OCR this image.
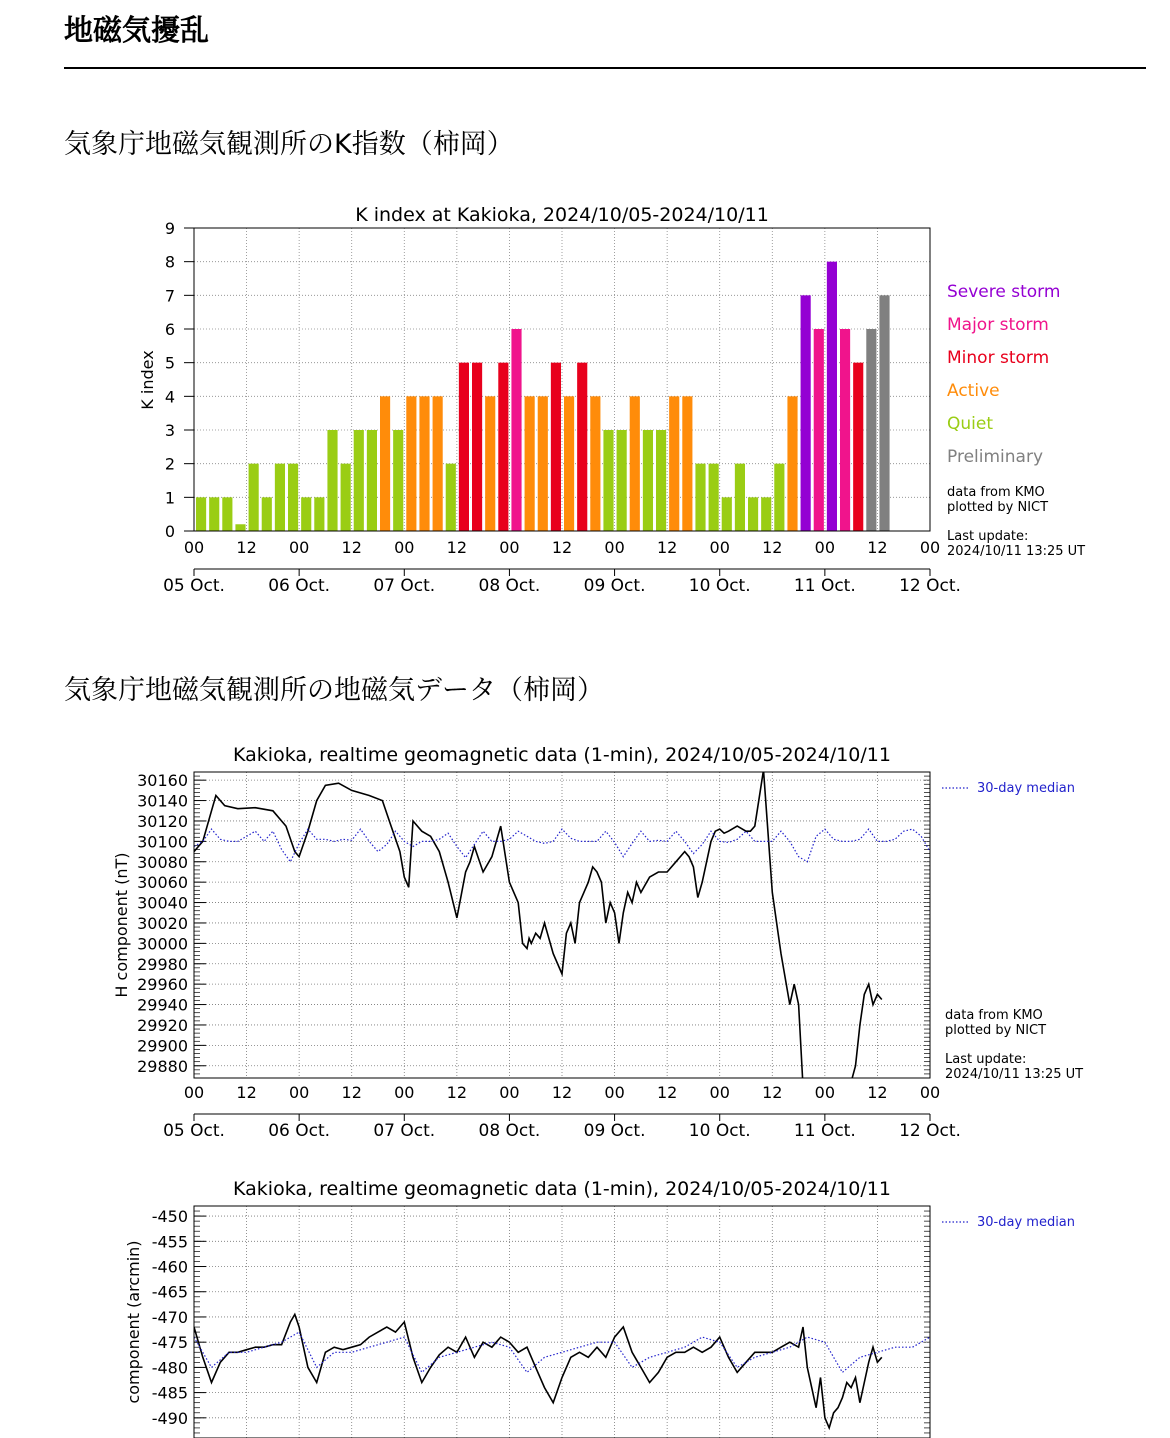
地磁気擾乱
気象庁地磁気観測所のK指数（柿岡）
K index at Kakioka, 2024/10/05-2024/10/11
K index
0
1
2
3
4
5
6
7
8
9
00 12 00 12 00 12 00 12 00 12 00 12 00 12 00
05 Oct.	06 Oct.	07 Oct.	08 Oct.	09 Oct.	10 Oct.	11 Oct.	12 Oct.
Severe storm
Major storm
Minor storm
Active
Quiet
Preliminary
data from KMO
plotted by NICT
Last update:
2024/10/11 13:25 UT
気象庁地磁気観測所の地磁気データ（柿岡）
Kakioka, realtime geomagnetic data (1-min), 2024/10/05-2024/10/11
H component (nT)
29880
29900
29920
29940
29960
29980
30000
30020
30040
30060
30080
30100
30120
30140
30160	30-day median
00 12 00 12 00 12 00 12 00 12 00 12 00 12 00
05 Oct.	06 Oct.	07 Oct.	08 Oct.	09 Oct.	10 Oct.	11 Oct.	12 Oct.
data from KMO
plotted by NICT
Last update:
2024/10/11 13:25 UT
Kakioka, realtime geomagnetic data (1-min), 2024/10/05-2024/10/11
component (arcmin)
-450
-455
-460
-465
-470
-475
-480
-485
-490
30-day median
